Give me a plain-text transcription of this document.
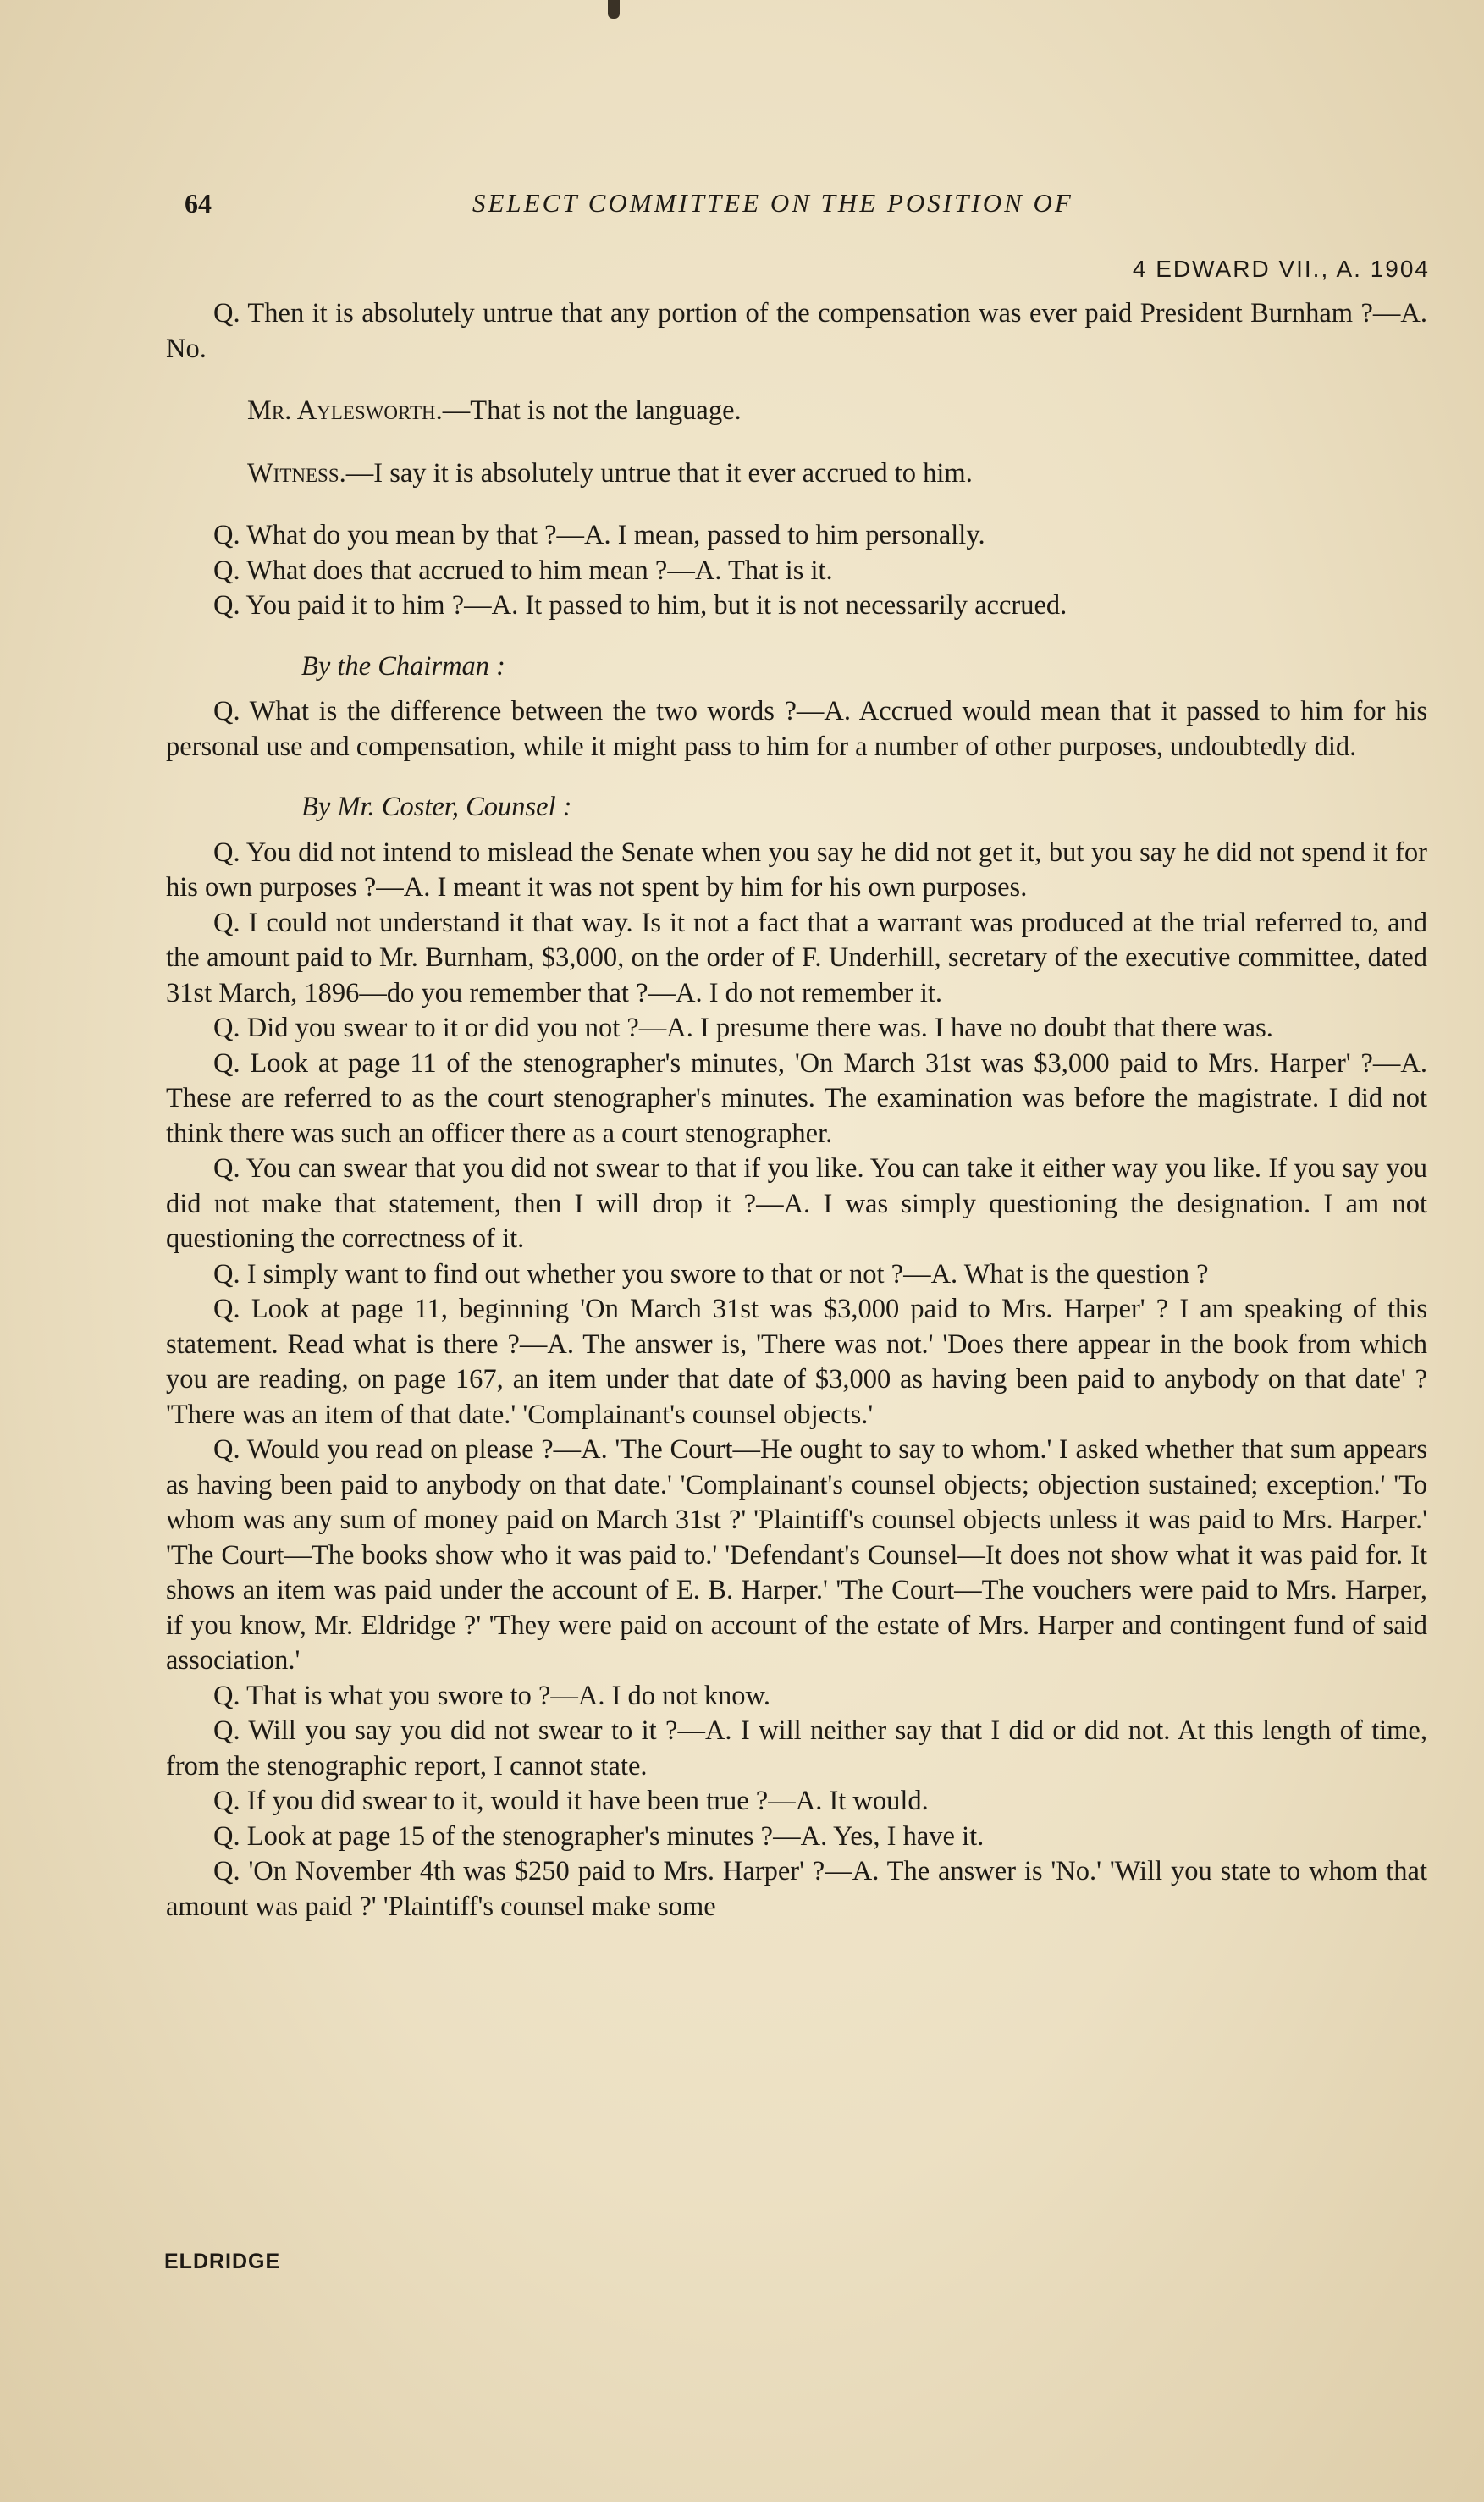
64	SELECT COMMITTEE ON THE POSITION OF
4 EDWARD VII., A. 1904

Q. Then it is absolutely untrue that any portion of the compensation was ever paid President Burnham ?—A. No.

Mr. Aylesworth.—That is not the language.

Witness.—I say it is absolutely untrue that it ever accrued to him.

Q. What do you mean by that ?—A. I mean, passed to him personally.

Q. What does that accrued to him mean ?—A. That is it.

Q. You paid it to him ?—A. It passed to him, but it is not necessarily accrued.

By the Chairman :

Q. What is the difference between the two words ?—A. Accrued would mean that it passed to him for his personal use and compensation, while it might pass to him for a number of other purposes, undoubtedly did.

By Mr. Coster, Counsel :

Q. You did not intend to mislead the Senate when you say he did not get it, but you say he did not spend it for his own purposes ?—A. I meant it was not spent by him for his own purposes.

Q. I could not understand it that way. Is it not a fact that a warrant was produced at the trial referred to, and the amount paid to Mr. Burnham, $3,000, on the order of F. Underhill, secretary of the executive committee, dated 31st March, 1896—do you remember that ?—A. I do not remember it.

Q. Did you swear to it or did you not ?—A. I presume there was. I have no doubt that there was.

Q. Look at page 11 of the stenographer's minutes, 'On March 31st was $3,000 paid to Mrs. Harper' ?—A. These are referred to as the court stenographer's minutes. The examination was before the magistrate. I did not think there was such an officer there as a court stenographer.

Q. You can swear that you did not swear to that if you like. You can take it either way you like. If you say you did not make that statement, then I will drop it ?—A. I was simply questioning the designation. I am not questioning the correctness of it.

Q. I simply want to find out whether you swore to that or not ?—A. What is the question ?

Q. Look at page 11, beginning 'On March 31st was $3,000 paid to Mrs. Harper' ? I am speaking of this statement. Read what is there ?—A. The answer is, 'There was not.' 'Does there appear in the book from which you are reading, on page 167, an item under that date of $3,000 as having been paid to anybody on that date' ? 'There was an item of that date.' 'Complainant's counsel objects.'

Q. Would you read on please ?—A. 'The Court—He ought to say to whom.' I asked whether that sum appears as having been paid to anybody on that date.' 'Complainant's counsel objects; objection sustained; exception.' 'To whom was any sum of money paid on March 31st ?' 'Plaintiff's counsel objects unless it was paid to Mrs. Harper.' 'The Court—The books show who it was paid to.' 'Defendant's Counsel—It does not show what it was paid for. It shows an item was paid under the account of E. B. Harper.' 'The Court—The vouchers were paid to Mrs. Harper, if you know, Mr. Eldridge ?' 'They were paid on account of the estate of Mrs. Harper and contingent fund of said association.'

Q. That is what you swore to ?—A. I do not know.

Q. Will you say you did not swear to it ?—A. I will neither say that I did or did not. At this length of time, from the stenographic report, I cannot state.

Q. If you did swear to it, would it have been true ?—A. It would.

Q. Look at page 15 of the stenographer's minutes ?—A. Yes, I have it.

Q. 'On November 4th was $250 paid to Mrs. Harper' ?—A. The answer is 'No.' 'Will you state to whom that amount was paid ?' 'Plaintiff's counsel make some

ELDRIDGE
